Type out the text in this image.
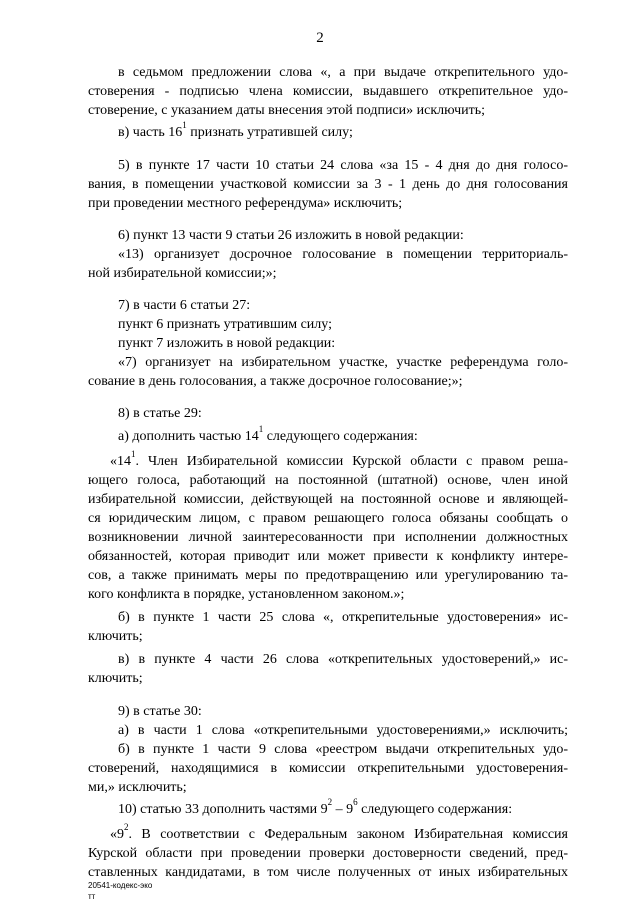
2
в седьмом предложении слова «, а при выдаче открепительного удо-
стоверения - подписью члена комиссии, выдавшего открепительное удо-
стоверение, с указанием даты внесения этой подписи» исключить;
в) часть $16^1$ признать утратившей силу;
5) в пункте 17 части 10 статьи 24 слова «за 15 - 4 дня до дня голосо-
вания, в помещении участковой комиссии за 3 - 1 день до дня голосования
при проведении местного референдума» исключить;
6) пункт 13 части 9 статьи 26 изложить в новой редакции:
«13) организует досрочное голосование в помещении территориаль-
ной избирательной комиссии;»;
7) в части 6 статьи 27:
пункт 6 признать утратившим силу;
пункт 7 изложить в новой редакции:
«7) организует на избирательном участке, участке референдума голо-
сование в день голосования, а также досрочное голосование;»;
8) в статье 29:
а) дополнить частью $14^1$ следующего содержания:
«$14^1$. Член Избирательной комиссии Курской области с правом реша-
ющего голоса, работающий на постоянной (штатной) основе, член иной
избирательной комиссии, действующей на постоянной основе и являющей-
ся юридическим лицом, с правом решающего голоса обязаны сообщать о
возникновении личной заинтересованности при исполнении должностных
обязанностей, которая приводит или может привести к конфликту интере-
сов, а также принимать меры по предотвращению или урегулированию та-
кого конфликта в порядке, установленном законом.»;
б) в пункте 1 части 25 слова «, открепительные удостоверения» ис-
ключить;
в) в пункте 4 части 26 слова «открепительных удостоверений,» ис-
ключить;
9) в статье 30:
а) в части 1 слова «открепительными удостоверениями,» исключить;
б) в пункте 1 части 9 слова «реестром выдачи открепительных удо-
стоверений, находящимися в комиссии открепительными удостоверения-
ми,» исключить;
10) статью 33 дополнить частями $9^2 - 9^6$ следующего содержания:
«$9^2$. В соответствии с Федеральным законом Избирательная комиссия
Курской области при проведении проверки достоверности сведений, пред-
ставленных кандидатами, в том числе полученных от иных избирательных
20541-кодекс-эко
тт
